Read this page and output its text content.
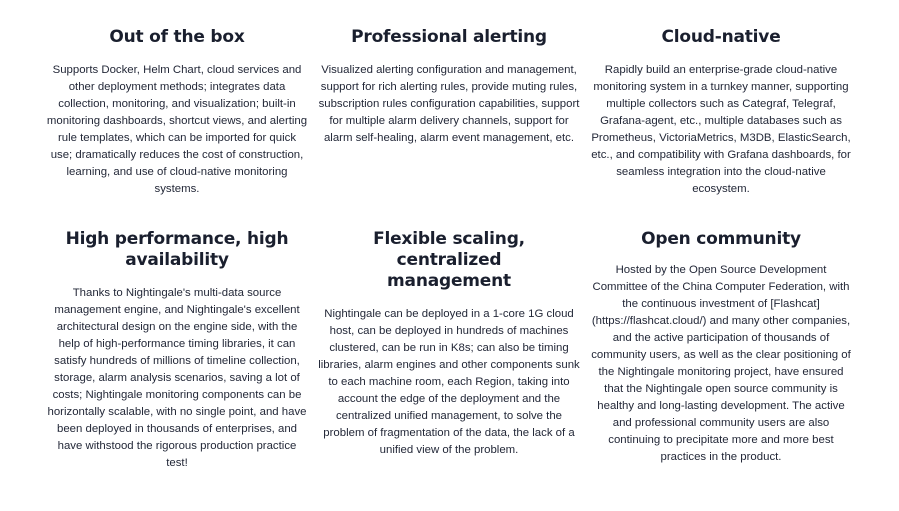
Out of the box

Supports Docker, Helm Chart, cloud services and other deployment methods; integrates data collection, monitoring, and visualization; built-in monitoring dashboards, shortcut views, and alerting rule templates, which can be imported for quick use; dramatically reduces the cost of construction, learning, and use of cloud-native monitoring systems.

Professional alerting

Visualized alerting configuration and management, support for rich alerting rules, provide muting rules, subscription rules configuration capabilities, support for multiple alarm delivery channels, support for alarm self-healing, alarm event management, etc.

Cloud-native

Rapidly build an enterprise-grade cloud-native monitoring system in a turnkey manner, supporting multiple collectors such as Categraf, Telegraf, Grafana-agent, etc., multiple databases such as Prometheus, VictoriaMetrics, M3DB, ElasticSearch, etc., and compatibility with Grafana dashboards, for seamless integration into the cloud-native ecosystem.

High performance, high availability

Thanks to Nightingale's multi-data source management engine, and Nightingale's excellent architectural design on the engine side, with the help of high-performance timing libraries, it can satisfy hundreds of millions of timeline collection, storage, alarm analysis scenarios, saving a lot of costs; Nightingale monitoring components can be horizontally scalable, with no single point, and have been deployed in thousands of enterprises, and have withstood the rigorous production practice test!

Flexible scaling, centralized management

Nightingale can be deployed in a 1-core 1G cloud host, can be deployed in hundreds of machines clustered, can be run in K8s; can also be timing libraries, alarm engines and other components sunk to each machine room, each Region, taking into account the edge of the deployment and the centralized unified management, to solve the problem of fragmentation of the data, the lack of a unified view of the problem.

Open community

Hosted by the Open Source Development Committee of the China Computer Federation, with the continuous investment of [Flashcat] (https://flashcat.cloud/) and many other companies, and the active participation of thousands of community users, as well as the clear positioning of the Nightingale monitoring project, have ensured that the Nightingale open source community is healthy and long-lasting development. The active and professional community users are also continuing to precipitate more and more best practices in the product.
